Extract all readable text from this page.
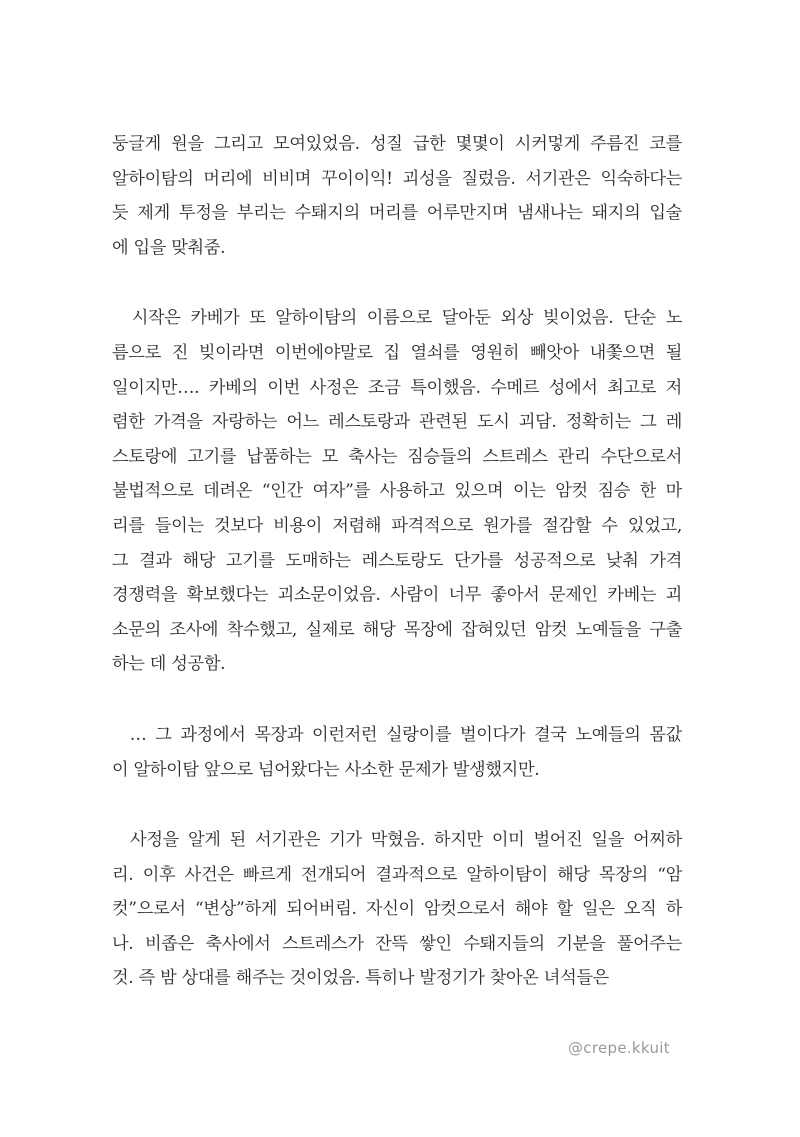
둥글게 원을 그리고 모여있었음. 성질 급한 몇몇이 시커멓게 주름진 코를
알하이탐의 머리에 비비며 꾸이이익! 괴성을 질렀음. 서기관은 익숙하다는
듯 제게 투정을 부리는 수퇘지의 머리를 어루만지며 냄새나는 돼지의 입술
에 입을 맞춰줌.
시작은 카베가 또 알하이탐의 이름으로 달아둔 외상 빚이었음. 단순 노
름으로 진 빚이라면 이번에야말로 집 열쇠를 영원히 빼앗아 내쫓으면 될
일이지만…. 카베의 이번 사정은 조금 특이했음. 수메르 성에서 최고로 저
렴한 가격을 자랑하는 어느 레스토랑과 관련된 도시 괴담. 정확히는 그 레
스토랑에 고기를 납품하는 모 축사는 짐승들의 스트레스 관리 수단으로서
불법적으로 데려온 “인간 여자”를 사용하고 있으며 이는 암컷 짐승 한 마
리를 들이는 것보다 비용이 저렴해 파격적으로 원가를 절감할 수 있었고,
그 결과 해당 고기를 도매하는 레스토랑도 단가를 성공적으로 낮춰 가격
경쟁력을 확보했다는 괴소문이었음. 사람이 너무 좋아서 문제인 카베는 괴
소문의 조사에 착수했고, 실제로 해당 목장에 잡혀있던 암컷 노예들을 구출
하는 데 성공함.
… 그 과정에서 목장과 이런저런 실랑이를 벌이다가 결국 노예들의 몸값
이 알하이탐 앞으로 넘어왔다는 사소한 문제가 발생했지만.
사정을 알게 된 서기관은 기가 막혔음. 하지만 이미 벌어진 일을 어찌하
리. 이후 사건은 빠르게 전개되어 결과적으로 알하이탐이 해당 목장의 “암
컷”으로서 “변상”하게 되어버림. 자신이 암컷으로서 해야 할 일은 오직 하
나. 비좁은 축사에서 스트레스가 잔뜩 쌓인 수퇘지들의 기분을 풀어주는
것. 즉 밤 상대를 해주는 것이었음. 특히나 발정기가 찾아온 녀석들은
@crepe.kkuit
